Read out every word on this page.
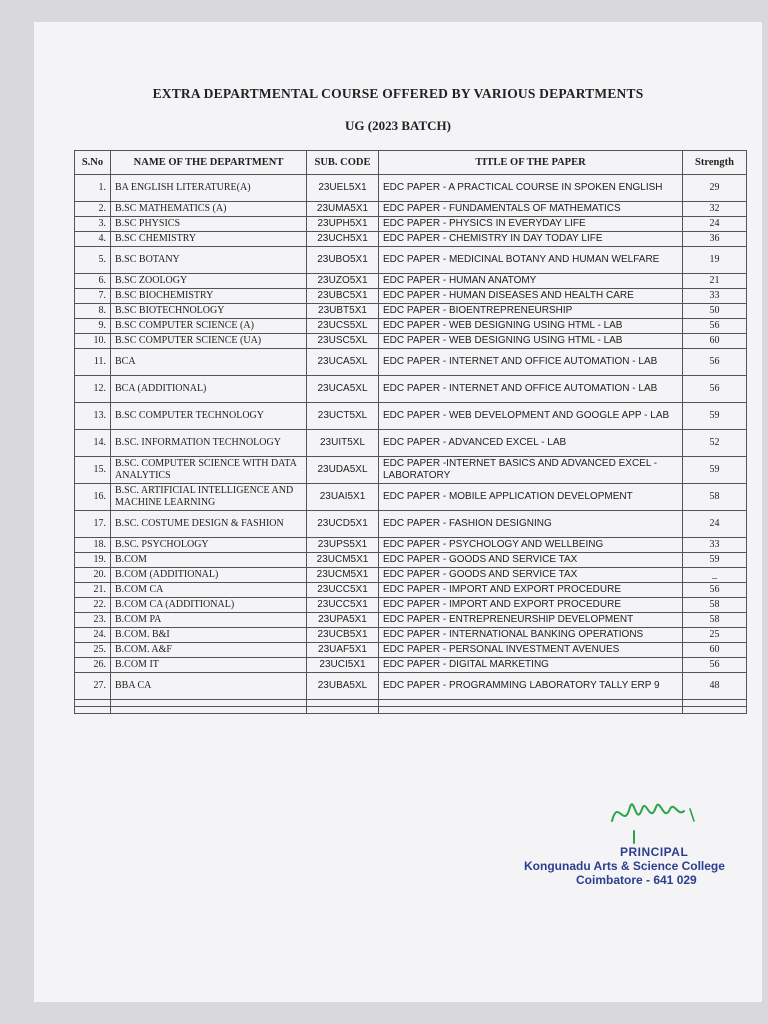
EXTRA DEPARTMENTAL COURSE OFFERED BY VARIOUS DEPARTMENTS
UG (2023 BATCH)
S.No	NAME OF THE DEPARTMENT	SUB. CODE	TITLE OF THE PAPER	Strength
1.	BA ENGLISH LITERATURE(A)	23UEL5X1	EDC PAPER - A PRACTICAL COURSE IN SPOKEN ENGLISH	29
2.	B.SC MATHEMATICS (A)	23UMA5X1	EDC PAPER - FUNDAMENTALS OF MATHEMATICS	32
3.	B.SC PHYSICS	23UPH5X1	EDC PAPER - PHYSICS IN EVERYDAY LIFE	24
4.	B.SC CHEMISTRY	23UCH5X1	EDC PAPER - CHEMISTRY IN DAY TODAY LIFE	36
5.	B.SC BOTANY	23UBO5X1	EDC PAPER - MEDICINAL BOTANY AND HUMAN WELFARE	19
6.	B.SC ZOOLOGY	23UZO5X1	EDC PAPER - HUMAN ANATOMY	21
7.	B.SC BIOCHEMISTRY	23UBC5X1	EDC PAPER - HUMAN DISEASES AND HEALTH CARE	33
8.	B.SC BIOTECHNOLOGY	23UBT5X1	EDC PAPER - BIOENTREPRENEURSHIP	50
9.	B.SC COMPUTER SCIENCE (A)	23UCS5XL	EDC PAPER - WEB DESIGNING USING HTML - LAB	56
10.	B.SC COMPUTER SCIENCE (UA)	23USC5XL	EDC PAPER - WEB DESIGNING USING HTML - LAB	60
11.	BCA	23UCA5XL	EDC PAPER - INTERNET AND OFFICE AUTOMATION - LAB	56
12.	BCA (ADDITIONAL)	23UCA5XL	EDC PAPER - INTERNET AND OFFICE AUTOMATION - LAB	56
13.	B.SC COMPUTER TECHNOLOGY	23UCT5XL	EDC PAPER - WEB DEVELOPMENT AND GOOGLE APP - LAB	59
14.	B.SC. INFORMATION TECHNOLOGY	23UIT5XL	EDC PAPER - ADVANCED EXCEL - LAB	52
15.	B.SC. COMPUTER SCIENCE WITH DATA ANALYTICS	23UDA5XL	EDC PAPER -INTERNET BASICS AND ADVANCED EXCEL - LABORATORY	59
16.	B.SC. ARTIFICIAL INTELLIGENCE AND MACHINE LEARNING	23UAI5X1	EDC PAPER - MOBILE APPLICATION DEVELOPMENT	58
17.	B.SC. COSTUME DESIGN & FASHION	23UCD5X1	EDC PAPER - FASHION DESIGNING	24
18.	B.SC. PSYCHOLOGY	23UPS5X1	EDC PAPER - PSYCHOLOGY AND WELLBEING	33
19.	B.COM	23UCM5X1	EDC PAPER - GOODS AND SERVICE TAX	59
20.	B.COM (ADDITIONAL)	23UCM5X1	EDC PAPER - GOODS AND SERVICE TAX	_
21.	B.COM CA	23UCC5X1	EDC PAPER - IMPORT AND EXPORT PROCEDURE	56
22.	B.COM CA (ADDITIONAL)	23UCC5X1	EDC PAPER - IMPORT AND EXPORT PROCEDURE	58
23.	B.COM PA	23UPA5X1	EDC PAPER - ENTREPRENEURSHIP DEVELOPMENT	58
24.	B.COM. B&I	23UCB5X1	EDC PAPER - INTERNATIONAL BANKING OPERATIONS	25
25.	B.COM. A&F	23UAF5X1	EDC PAPER - PERSONAL INVESTMENT AVENUES	60
26.	B.COM IT	23UCI5X1	EDC PAPER - DIGITAL MARKETING	56
27.	BBA CA	23UBA5XL	EDC PAPER - PROGRAMMING LABORATORY TALLY ERP 9	48

PRINCIPAL
Kongunadu Arts & Science College
Coimbatore - 641 029
